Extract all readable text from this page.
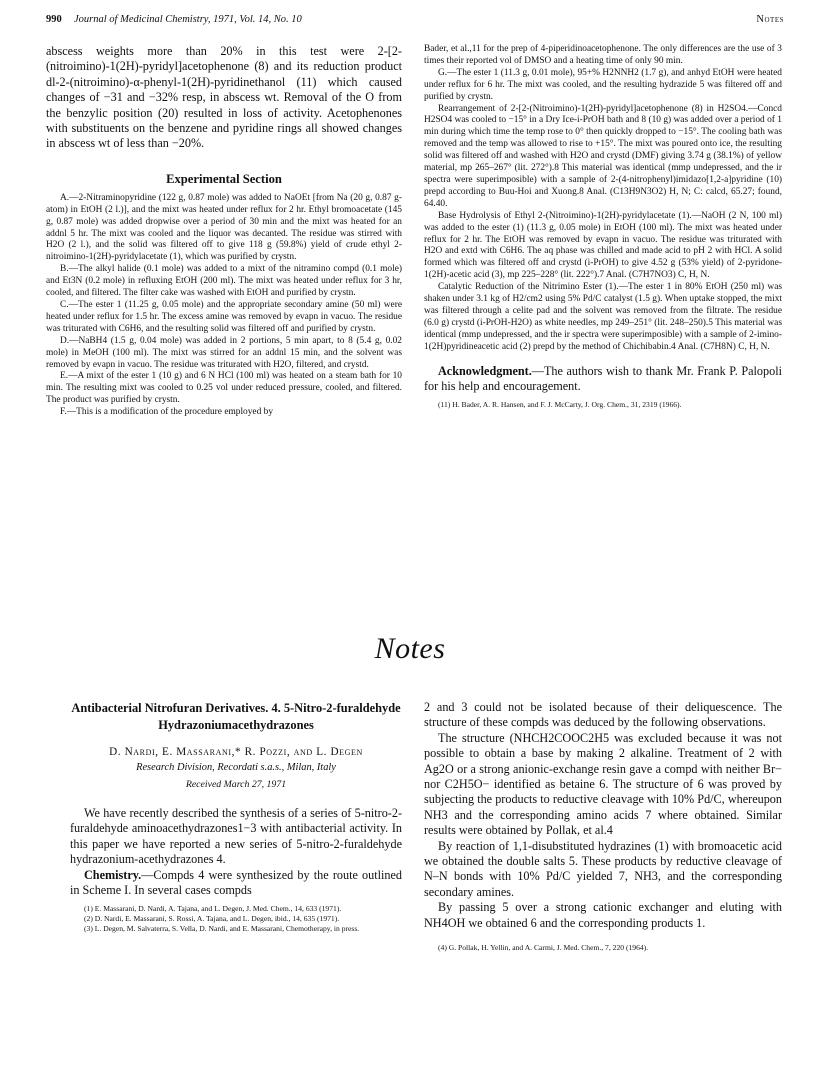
990 Journal of Medicinal Chemistry, 1971, Vol. 14, No. 10	Notes

abscess weights more than 20% in this test were 2-[2-(nitroimino)-1(2H)-pyridyl]acetophenone (8) and its reduction product dl-2-(nitroimino)-α-phenyl-1(2H)-pyridinethanol (11) which caused changes of −31 and −32% resp, in abscess wt. Removal of the O from the benzylic position (20) resulted in loss of activity. Acetophenones with substituents on the benzene and pyridine rings all showed changes in abscess wt of less than −20%.

Experimental Section

A.—2-Nitraminopyridine (122 g, 0.87 mole) was added to NaOEt [from Na (20 g, 0.87 g-atom) in EtOH (2 l.)], and the mixt was heated under reflux for 2 hr. Ethyl bromoacetate (145 g, 0.87 mole) was added dropwise over a period of 30 min and the mixt was heated for an addnl 5 hr. The mixt was cooled and the liquor was decanted. The residue was stirred with H2O (2 l.), and the solid was filtered off to give 118 g (59.8%) yield of crude ethyl 2-nitroimino-1(2H)-pyridylacetate (1), which was purified by crystn.

B.—The alkyl halide (0.1 mole) was added to a mixt of the nitramino compd (0.1 mole) and Et3N (0.2 mole) in refluxing EtOH (200 ml). The mixt was heated under reflux for 3 hr, cooled, and filtered. The filter cake was washed with EtOH and purified by crystn.

C.—The ester 1 (11.25 g, 0.05 mole) and the appropriate secondary amine (50 ml) were heated under reflux for 1.5 hr. The excess amine was removed by evapn in vacuo. The residue was triturated with C6H6, and the resulting solid was filtered off and purified by crystn.

D.—NaBH4 (1.5 g, 0.04 mole) was added in 2 portions, 5 min apart, to 8 (5.4 g, 0.02 mole) in MeOH (100 ml). The mixt was stirred for an addnl 15 min, and the solvent was removed by evapn in vacuo. The residue was triturated with H2O, filtered, and crystd.

E.—A mixt of the ester 1 (10 g) and 6 N HCl (100 ml) was heated on a steam bath for 10 min. The resulting mixt was cooled to 0.25 vol under reduced pressure, cooled, and filtered. The product was purified by crystn.

F.—This is a modification of the procedure employed by

Bader, et al.,11 for the prep of 4-piperidinoacetophenone. The only differences are the use of 3 times their reported vol of DMSO and a heating time of only 90 min.

G.—The ester 1 (11.3 g, 0.01 mole), 95+% H2NNH2 (1.7 g), and anhyd EtOH were heated under reflux for 6 hr. The mixt was cooled, and the resulting hydrazide 5 was filtered off and purified by crystn.

Rearrangement of 2-[2-(Nitroimino)-1(2H)-pyridyl]acetophenone (8) in H2SO4.—Concd H2SO4 was cooled to −15° in a Dry Ice-i-PrOH bath and 8 (10 g) was added over a period of 1 min during which time the temp rose to 0° then quickly dropped to −15°. The cooling bath was removed and the temp was allowed to rise to +15°. The mixt was poured onto ice, the resulting solid was filtered off and washed with H2O and crystd (DMF) giving 3.74 g (38.1%) of yellow material, mp 265–267° (lit. 272°).8 This material was identical (mmp undepressed, and the ir spectra were superimposible) with a sample of 2-(4-nitrophenyl)imidazo[1,2-a]pyridine (10) prepd according to Buu-Hoi and Xuong.8 Anal. (C13H9N3O2) H, N; C: calcd, 65.27; found, 64.40.

Base Hydrolysis of Ethyl 2-(Nitroimino)-1(2H)-pyridylacetate (1).—NaOH (2 N, 100 ml) was added to the ester (1) (11.3 g, 0.05 mole) in EtOH (100 ml). The mixt was heated under reflux for 2 hr. The EtOH was removed by evapn in vacuo. The residue was triturated with H2O and extd with C6H6. The aq phase was chilled and made acid to pH 2 with HCl. A solid formed which was filtered off and crystd (i-PrOH) to give 4.52 g (53% yield) of 2-pyridone-1(2H)-acetic acid (3), mp 225–228° (lit. 222°).7 Anal. (C7H7NO3) C, H, N.

Catalytic Reduction of the Nitrimino Ester (1).—The ester 1 in 80% EtOH (250 ml) was shaken under 3.1 kg of H2/cm2 using 5% Pd/C catalyst (1.5 g). When uptake stopped, the mixt was filtered through a celite pad and the solvent was removed from the filtrate. The residue (6.0 g) crystd (i-PrOH-H2O) as white needles, mp 249–251° (lit. 248–250).5 This material was identical (mmp undepressed, and the ir spectra were superimposible) with a sample of 2-imino-1(2H)pyridineacetic acid (2) prepd by the method of Chichibabin.4 Anal. (C7H8N) C, H, N.

Acknowledgment.—The authors wish to thank Mr. Frank P. Palopoli for his help and encouragement.

(11) H. Bader, A. R. Hansen, and F. J. McCarty, J. Org. Chem., 31, 2319 (1966).

Notes
Antibacterial Nitrofuran Derivatives. 4. 5-Nitro-2-furaldehyde Hydrazoniumacethydrazones
D. Nardi, E. Massarani,* R. Pozzi, and L. Degen
Research Division, Recordati s.a.s., Milan, Italy
Received March 27, 1971

We have recently described the synthesis of a series of 5-nitro-2-furaldehyde aminoacethydrazones1−3 with antibacterial activity. In this paper we have reported a new series of 5-nitro-2-furaldehyde hydrazonium-acethydrazones 4.

Chemistry.—Compds 4 were synthesized by the route outlined in Scheme I. In several cases compds

(1) E. Massarani, D. Nardi, A. Tajana, and L. Degen, J. Med. Chem., 14, 633 (1971).

(2) D. Nardi, E. Massarani, S. Rossi, A. Tajana, and L. Degen, ibid., 14, 635 (1971).

(3) L. Degen, M. Salvaterra, S. Vella, D. Nardi, and E. Massarani, Chemotherapy, in press.

2 and 3 could not be isolated because of their deliquescence. The structure of these compds was deduced by the following observations.

The structure (NHCH2COOC2H5 was excluded because it was not possible to obtain a base by making 2 alkaline. Treatment of 2 with Ag2O or a strong anionic-exchange resin gave a compd with neither Br− nor C2H5O− identified as betaine 6. The structure of 6 was proved by subjecting the products to reductive cleavage with 10% Pd/C, whereupon NH3 and the corresponding amino acids 7 where obtained. Similar results were obtained by Pollak, et al.4

By reaction of 1,1-disubstituted hydrazines (1) with bromoacetic acid we obtained the double salts 5. These products by reductive cleavage of N–N bonds with 10% Pd/C yielded 7, NH3, and the corresponding secondary amines.

By passing 5 over a strong cationic exchanger and eluting with NH4OH we obtained 6 and the corresponding products 1.

(4) G. Pollak, H. Yellin, and A. Carmi, J. Med. Chem., 7, 220 (1964).
